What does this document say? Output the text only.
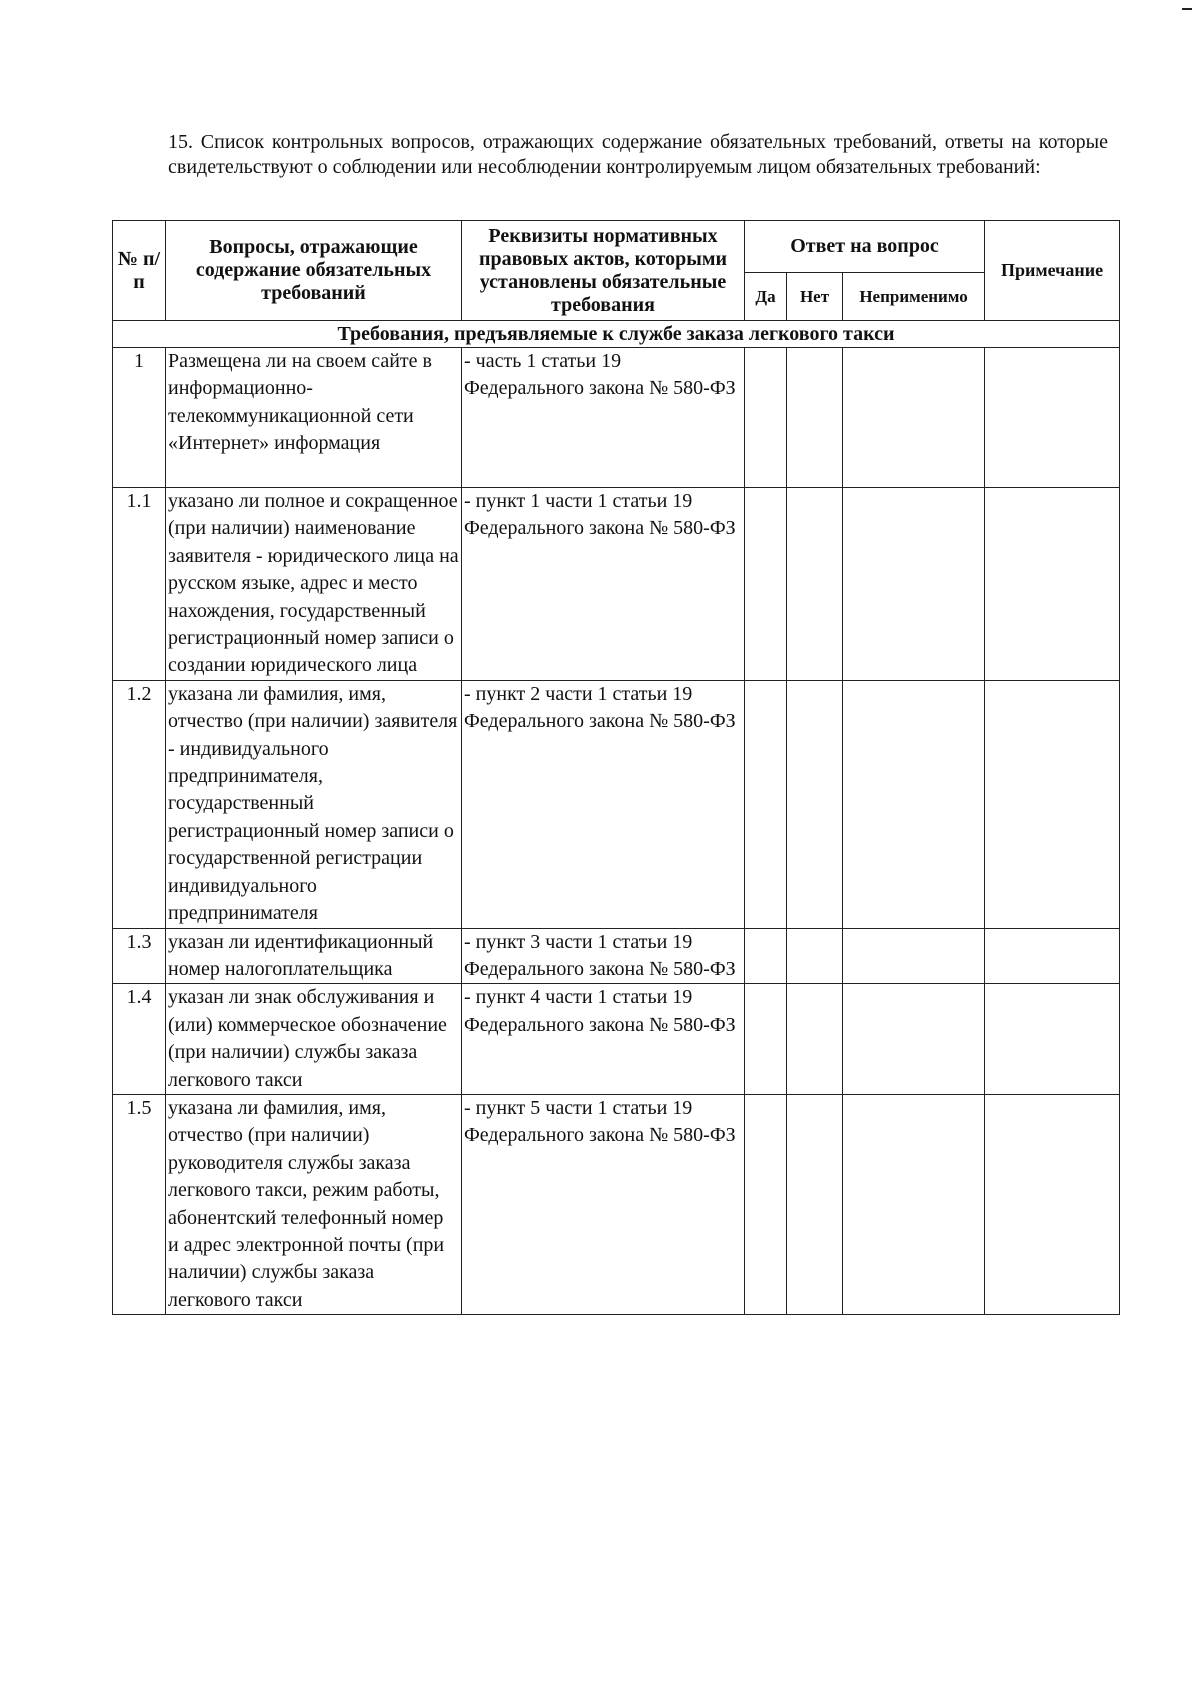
15. Список контрольных вопросов, отражающих содержание обязательных требований, ответы на которые свидетельствуют о соблюдении или несоблюдении контролируемым лицом обязательных требований:

№ п/п	Вопросы, отражающие содержание обязательных требований	Реквизиты нормативных правовых актов, которыми установлены обязательные требования	Ответ на вопрос			Примечание
			Да	Нет	Неприменимо	
Требования, предъявляемые к службе заказа легкового такси						
1	Размещена ли на своем сайте в информационно-телекоммуникационной сети «Интернет» информация	- часть 1 статьи 19 Федерального закона № 580-ФЗ				
1.1	указано ли полное и сокращенное (при наличии) наименование заявителя - юридического лица на русском языке, адрес и место нахождения, государственный регистрационный номер записи о создании юридического лица	- пункт 1 части 1 статьи 19 Федерального закона № 580-ФЗ				
1.2	указана ли фамилия, имя, отчество (при наличии) заявителя - индивидуального предпринимателя, государственный регистрационный номер записи о государственной регистрации индивидуального предпринимателя	- пункт 2 части 1 статьи 19 Федерального закона № 580-ФЗ				
1.3	указан ли идентификационный номер налогоплательщика	- пункт 3 части 1 статьи 19 Федерального закона № 580-ФЗ				
1.4	указан ли знак обслуживания и (или) коммерческое обозначение (при наличии) службы заказа легкового такси	- пункт 4 части 1 статьи 19 Федерального закона № 580-ФЗ				
1.5	указана ли фамилия, имя, отчество (при наличии) руководителя службы заказа легкового такси, режим работы, абонентский телефонный номер и адрес электронной почты (при наличии) службы заказа легкового такси	- пункт 5 части 1 статьи 19 Федерального закона № 580-ФЗ				
